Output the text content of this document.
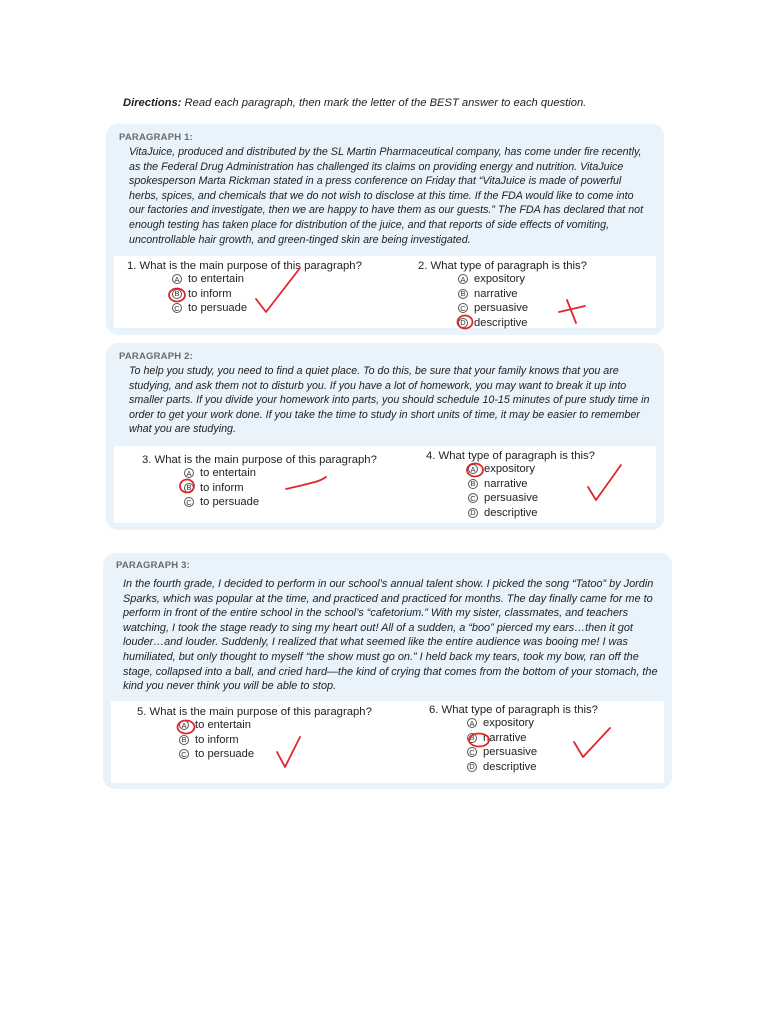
Directions: Read each paragraph, then mark the letter of the BEST answer to each question.
PARAGRAPH 1:

VitaJuice, produced and distributed by the SL Martin Pharmaceutical company, has come under fire recently, as the Federal Drug Administration has challenged its claims on providing energy and nutrition. VitaJuice spokesperson Marta Rickman stated in a press conference on Friday that “VitaJuice is made of powerful herbs, spices, and chemicals that we do not wish to disclose at this time. If the FDA would like to come into our factories and investigate, then we are happy to have them as our guests.” The FDA has declared that not enough testing has taken place for distribution of the juice, and that reports of side effects of vomiting, uncontrollable hair growth, and green-tinged skin are being investigated.

1. What is the main purpose of this paragraph?
A to entertain
B to inform
C to persuade
2. What type of paragraph is this?
A expository
B narrative
C persuasive
D descriptive
PARAGRAPH 2:

To help you study, you need to find a quiet place. To do this, be sure that your family knows that you are studying, and ask them not to disturb you. If you have a lot of homework, you may want to break it up into smaller parts. If you divide your homework into parts, you should schedule 10-15 minutes of pure study time in order to get your work done. If you take the time to study in short units of time, it may be easier to remember what you are studying.

3. What is the main purpose of this paragraph?
A to entertain
B to inform
C to persuade
4. What type of paragraph is this?
A expository
B narrative
C persuasive
D descriptive
PARAGRAPH 3:

In the fourth grade, I decided to perform in our school’s annual talent show. I picked the song “Tatoo” by Jordin Sparks, which was popular at the time, and practiced and practiced for months. The day finally came for me to perform in front of the entire school in the school’s “cafetorium.” With my sister, classmates, and teachers watching, I took the stage ready to sing my heart out! All of a sudden, a “boo” pierced my ears…then it got louder…and louder. Suddenly, I realized that what seemed like the entire audience was booing me! I was humiliated, but only thought to myself “the show must go on.” I held back my tears, took my bow, ran off the stage, collapsed into a ball, and cried hard—the kind of crying that comes from the bottom of your stomach, the kind you never think you will be able to stop.

5. What is the main purpose of this paragraph?
A to entertain
B to inform
C to persuade
6. What type of paragraph is this?
A expository
B narrative
C persuasive
D descriptive
